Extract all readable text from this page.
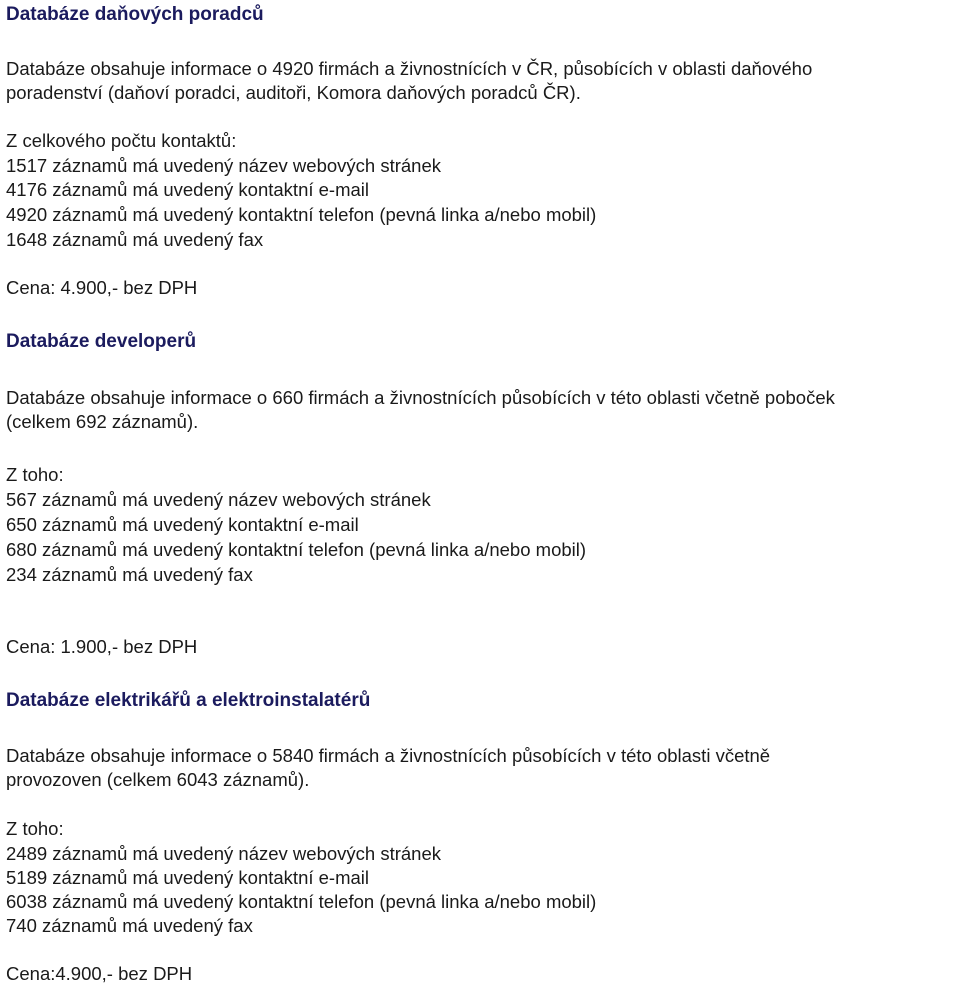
Databáze daňových poradců

Databáze obsahuje informace o 4920 firmách a živnostnících v ČR, působících v oblasti daňového

poradenství (daňoví poradci, auditoři, Komora daňových poradců ČR).

Z celkového počtu kontaktů:

1517 záznamů má uvedený název webových stránek

4176 záznamů má uvedený kontaktní e-mail

4920 záznamů má uvedený kontaktní telefon (pevná linka a/nebo mobil)

1648 záznamů má uvedený fax

Cena: 4.900,- bez DPH

Databáze developerů

Databáze obsahuje informace o 660 firmách a živnostnících působících v této oblasti včetně poboček

(celkem 692 záznamů).

Z toho:

567 záznamů má uvedený název webových stránek

650 záznamů má uvedený kontaktní e-mail

680 záznamů má uvedený kontaktní telefon (pevná linka a/nebo mobil)

234 záznamů má uvedený fax

Cena: 1.900,- bez DPH

Databáze elektrikářů a elektroinstalatérů

Databáze obsahuje informace o 5840 firmách a živnostnících působících v této oblasti včetně

provozoven (celkem 6043 záznamů).

Z toho:

2489 záznamů má uvedený název webových stránek

5189 záznamů má uvedený kontaktní e-mail

6038 záznamů má uvedený kontaktní telefon (pevná linka a/nebo mobil)

740 záznamů má uvedený fax

Cena:4.900,- bez DPH
